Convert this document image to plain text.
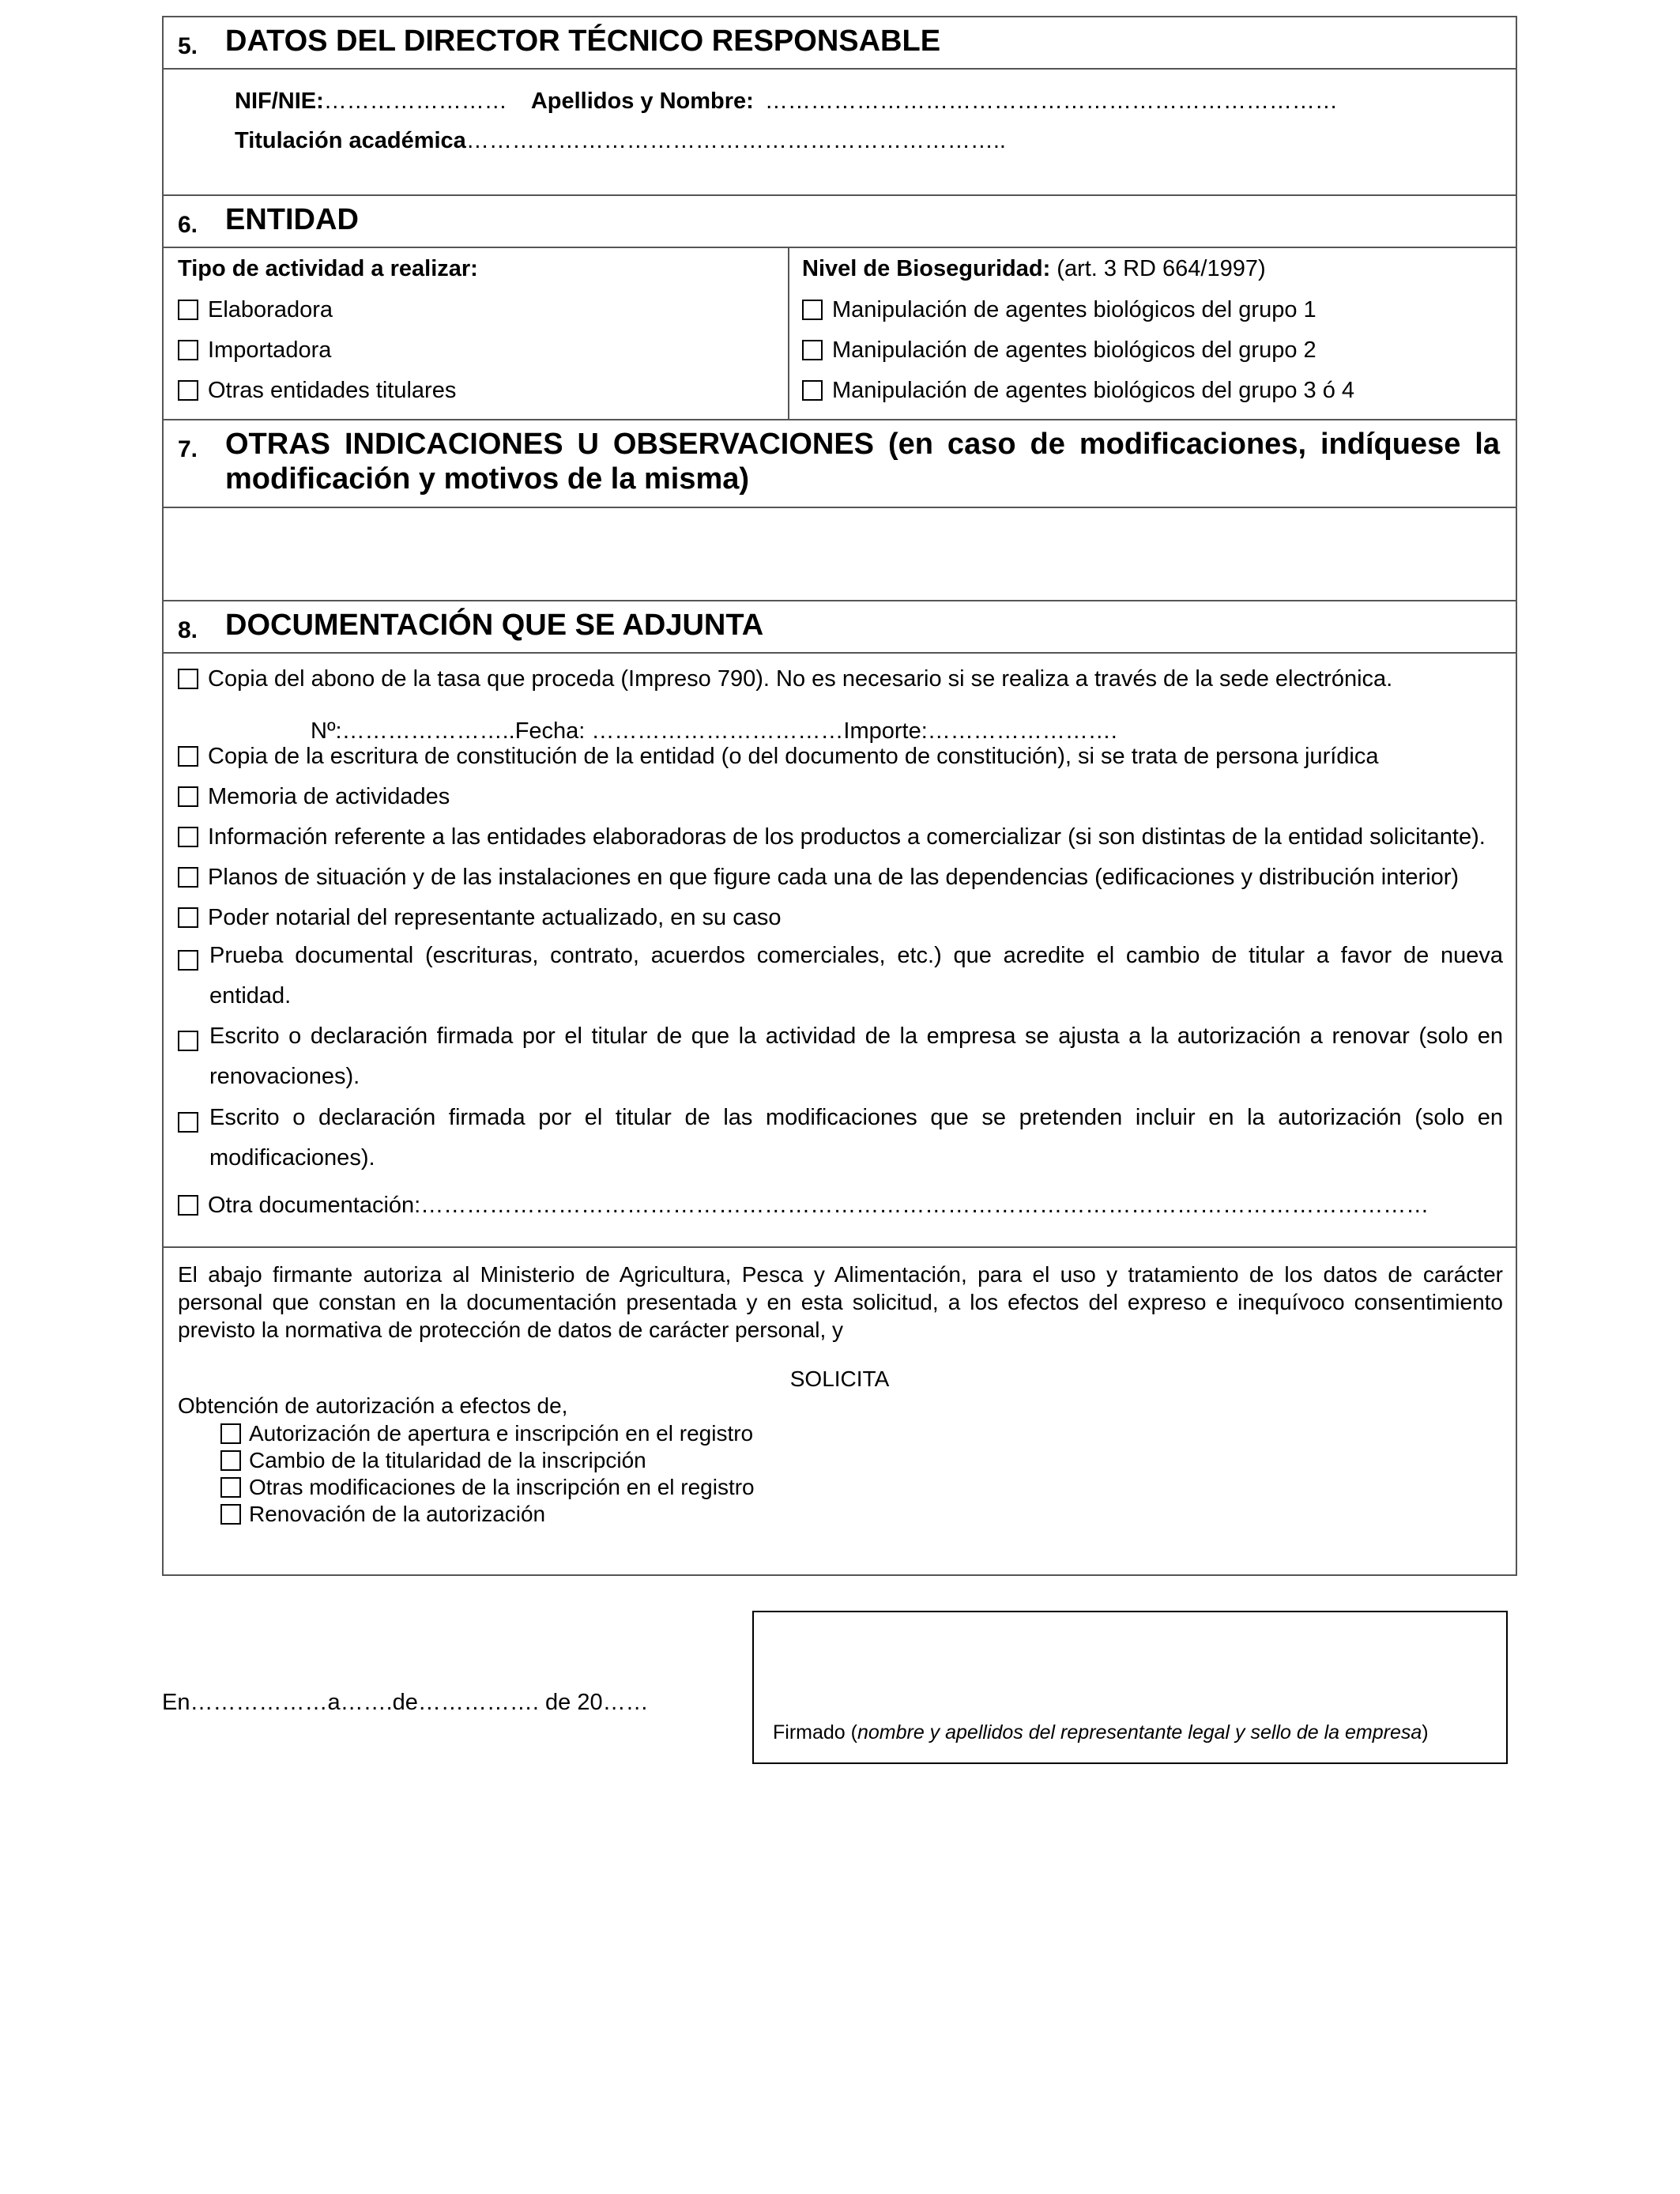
5. DATOS DEL DIRECTOR TÉCNICO RESPONSABLE
NIF/NIE:…………………… Apellidos y Nombre: …………………………………………………………………
Titulación académica……………………………………………………………..
6. ENTIDAD
Tipo de actividad a realizar:
Elaboradora
Importadora
Otras entidades titulares
Nivel de Bioseguridad: (art. 3 RD 664/1997)
Manipulación de agentes biológicos del grupo 1
Manipulación de agentes biológicos del grupo 2
Manipulación de agentes biológicos del grupo 3 ó 4
7. OTRAS INDICACIONES U OBSERVACIONES (en caso de modificaciones, indíquese la modificación y motivos de la misma)
8. DOCUMENTACIÓN QUE SE ADJUNTA
Copia del abono de la tasa que proceda (Impreso 790). No es necesario si se realiza a través de la sede electrónica.
Nº:…………………..Fecha: ……………………………Importe:…………………….
Copia de la escritura de constitución de la entidad (o del documento de constitución), si se trata de persona jurídica
Memoria de actividades
Información referente a las entidades elaboradoras de los productos a comercializar (si son distintas de la entidad solicitante).
Planos de situación y de las instalaciones en que figure cada una de las dependencias (edificaciones y distribución interior)
Poder notarial del representante actualizado, en su caso
Prueba documental (escrituras, contrato, acuerdos comerciales, etc.) que acredite el cambio de titular a favor de nueva entidad.
Escrito o declaración firmada por el titular de que la actividad de la empresa se ajusta a la autorización a renovar (solo en renovaciones).
Escrito o declaración firmada por el titular de las modificaciones que se pretenden incluir en la autorización (solo en modificaciones).
Otra documentación:……………………………………………………………………………………………………………………
El abajo firmante autoriza al Ministerio de Agricultura, Pesca y Alimentación, para el uso y tratamiento de los datos de carácter personal que constan en la documentación presentada y en esta solicitud, a los efectos del expreso e inequívoco consentimiento previsto la normativa de protección de datos de carácter personal, y
SOLICITA
Obtención de autorización a efectos de,
Autorización de apertura e inscripción en el registro
Cambio de la titularidad de la inscripción
Otras modificaciones de la inscripción en el registro
Renovación de la autorización
En………………a…….de……………. de 20……
Firmado (nombre y apellidos del representante legal y sello de la empresa)
